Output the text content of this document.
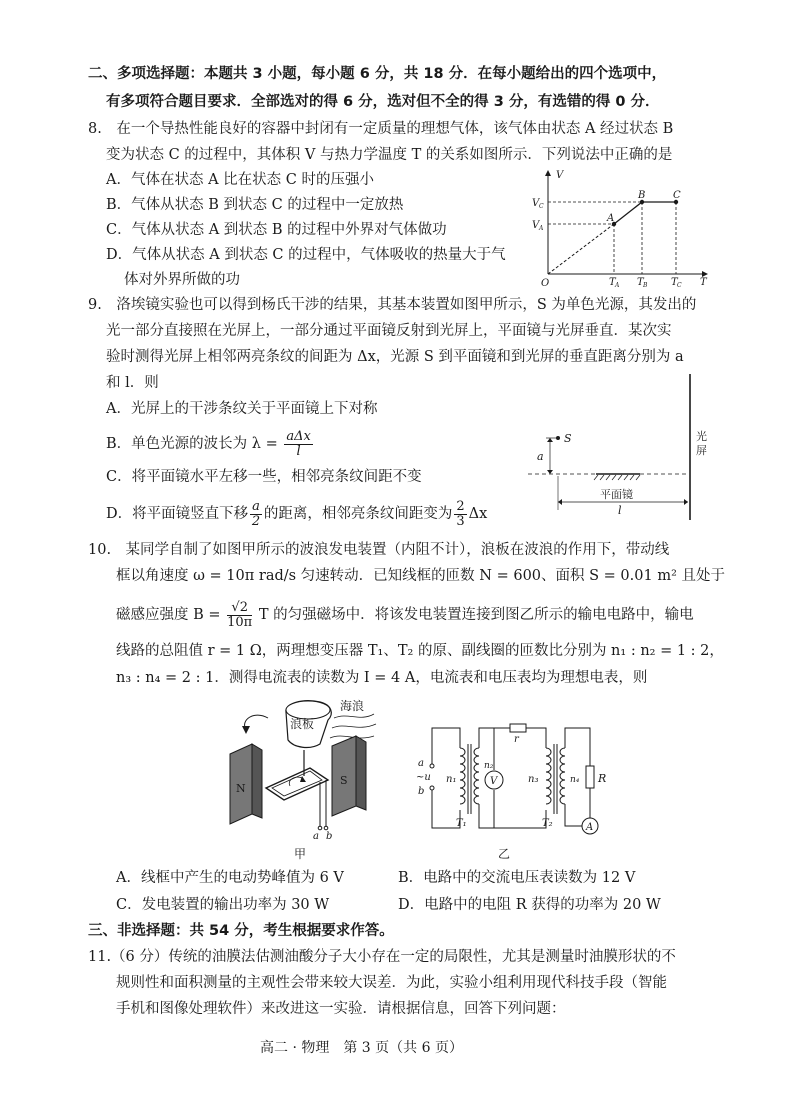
二、多项选择题：本题共 3 小题，每小题 6 分，共 18 分．在每小题给出的四个选项中，
有多项符合题目要求．全部选对的得 6 分，选对但不全的得 3 分，有选错的得 0 分．
8.　在一个导热性能良好的容器中封闭有一定质量的理想气体，该气体由状态 A 经过状态 B
变为状态 C 的过程中，其体积 V 与热力学温度 T 的关系如图所示．下列说法中正确的是
A．气体在状态 A 比在状态 C 时的压强小
B．气体从状态 B 到状态 C 的过程中一定放热
C．气体从状态 A 到状态 B 的过程中外界对气体做功
D．气体从状态 A 到状态 C 的过程中，气体吸收的热量大于气
体对外界所做的功
V
T
O
V C
V A
A
B	C
T A T B T C
9.　洛埃镜实验也可以得到杨氏干涉的结果，其基本装置如图甲所示，S 为单色光源，其发出的
光一部分直接照在光屏上，一部分通过平面镜反射到光屏上，平面镜与光屏垂直．某次实
验时测得光屏上相邻两亮条纹的间距为 Δx，光源 S 到平面镜和到光屏的垂直距离分别为 a
和 l．则
A．光屏上的干涉条纹关于平面镜上下对称
B．单色光源的波长为 $\lambda = \frac{\text{aΔx}}{l}$
C．将平面镜水平左移一些，相邻亮条纹间距不变
D．将平面镜竖直下移 $\frac{a}{2}$ 的距离，相邻亮条纹间距变为 $\frac{2}{3}$ Δx
S
a
平面镜
l
光
屏
10.　某同学自制了如图甲所示的波浪发电装置（内阻不计），浪板在波浪的作用下，带动线
框以角速度 ω = 10π rad/s 匀速转动．已知线框的匝数 N = 600、面积 S = 0.01 m² 且处于
磁感应强度 $B = \frac{√2}{10\pi}$ T 的匀强磁场中．将该发电装置连接到图乙所示的输电电路中，输电
线路的总阻值 r = 1 Ω，两理想变压器 T₁、T₂ 的原、副线圈的匝数比分别为 n₁ : n₂ = 1 : 2，
n₃ : n₄ = 2 : 1．测得电流表的读数为 I = 4 A，电流表和电压表均为理想电表，则
浪板
海浪
N
S
a b
甲
a
~u
b
n₁
n₂
V	n₃	n₄
r
R
A
T₁	T₂
乙
A．线框中产生的电动势峰值为 6 V	B．电路中的交流电压表读数为 12 V
C．发电装置的输出功率为 30 W	D．电路中的电阻 R 获得的功率为 20 W
三、非选择题：共 54 分，考生根据要求作答。
11.（6 分）传统的油膜法估测油酸分子大小存在一定的局限性，尤其是测量时油膜形状的不
规则性和面积测量的主观性会带来较大误差．为此，实验小组利用现代科技手段（智能
手机和图像处理软件）来改进这一实验．请根据信息，回答下列问题：
高二 · 物理　第 3 页（共 6 页）
